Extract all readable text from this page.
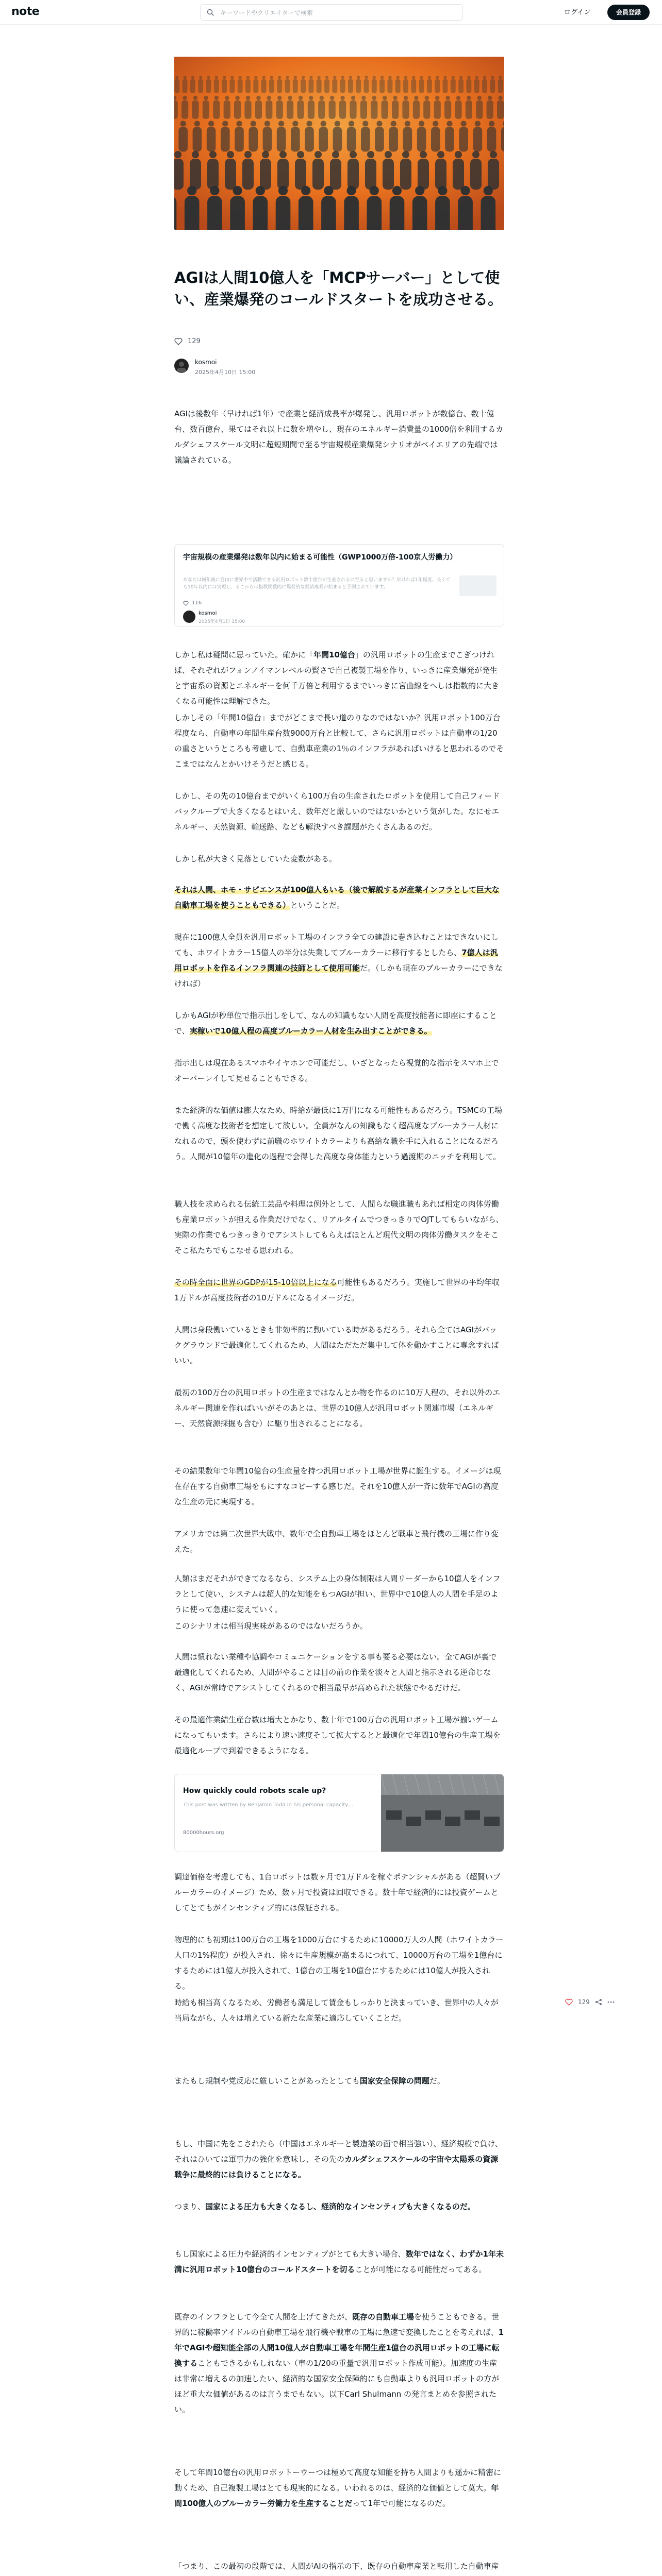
note
キーワードやクリエイターで検索	ログイン	会員登録
AGIは人間10億人を「MCPサーバー」として使い、産業爆発のコールドスタートを成功させる。
129
kosmoi
2025年4月10日 15:00

AGIは後数年（早ければ1年）で産業と経済成長率が爆発し、汎用ロボットが数億台、数十億台、数百億台、果てはそれ以上に数を増やし、現在のエネルギー消費量の1000倍を利用するカルダシェフスケール文明に超短期間で至る宇宙規模産業爆発シナリオがベイエリアの先端では議論されている。

宇宙規模の産業爆発は数年以内に始まる可能性（GWP1000万倍-100京人労働力）
あなたは何年後に自由に世界中で活動できる汎用ロボット数十億台が生産されるに至ると思いますか？早ければ1年程度、長くても10年以内には実現し、そこからは指数関数的に爆発的な経済成長が始まると予測されています。
116
kosmoi
2025年4月1日 15:00

しかし私は疑問に思っていた。確かに「年間10億台」の汎用ロボットの生産までこぎつければ、それぞれがフォンノイマンレベルの賢さで自己複製工場を作り、いっきに産業爆発が発生と宇宙系の資源とエネルギーを何千万倍と利用するまでいっきに宮曲線をへしは指数的に大きくなる可能性は理解できた。

しかしその「年間10億台」までがどこまで長い道のりなのではないか？汎用ロボット100万台程度なら、自動車の年間生産台数9000万台と比較して、さらに汎用ロボットは自動車の1/20の重さというところも考慮して、自動車産業の1％のインフラがあればいけると思われるのでそこまではなんとかいけそうだと感じる。

しかし、その先の10億台までがいくら100万台の生産されたロボットを使用して自己フィードバックループで大きくなるとはいえ、数年だと厳しいのではないかという気がした。なにせエネルギー、天然資源、輸送路、なども解決すべき課題がたくさんあるのだ。

しかし私が大きく見落としていた変数がある。

それは人間、ホモ・サピエンスが100億人もいる（後で解説するが産業インフラとして巨大な自動車工場を使うこともできる）ということだ。

現在に100億人全員を汎用ロボット工場のインフラ全ての建設に巻き込むことはできないにしても、ホワイトカラー15億人の半分は失業してブルーカラーに移行するとしたら、7億人は汎用ロボットを作るインフラ関連の技師として使用可能だ。（しかも現在のブルーカラーにできなければ）

しかもAGIが秒単位で指示出しをして、なんの知識もない人間を高度技能者に即座にすることで、実稼いで10億人程の高度ブルーカラー人材を生み出すことができる。

指示出しは現在あるスマホやイヤホンで可能だし、いざとなったら視覚的な指示をスマホ上でオーバーレイして見せることもできる。

また経済的な価値は膨大なため、時給が最低に1万円になる可能性もあるだろう。TSMCの工場で働く高度な技術者を想定して欲しい。全員がなんの知識もなく超高度なブルーカラー人材になれるので、頭を使わずに前職のホワイトカラーよりも高給な職を手に入れることになるだろう。人間が10億年の進化の過程で会得した高度な身体能力という過渡期のニッチを利用して。

職人技を求められる伝統工芸品や料理は例外として、人間らな職進職もあれば相定の肉体労働も産業ロボットが担える作業だけでなく、リアルタイムでつきっきりでOJTしてもらいながら、実際の作業でもつきっきりでアシストしてもらえばほとんど現代文明の肉体労働タスクをそこそこ私たちでもこなせる思われる。

その時全面に世界のGDPが15-10倍以上になる可能性もあるだろう。実施して世界の平均年収1万ドルが高度技術者の10万ドルになるイメージだ。

人間は身段働いているときも非効率的に動いている時があるだろう。それら全てはAGIがバックグラウンドで最適化してくれるため、人間はただただ集中して体を動かすことに専念すればいい。

最初の100万台の汎用ロボットの生産まではなんとか物を作るのに10万人程の、それ以外のエネルギー関連を作ればいいがそのあとは、世界の10億人が汎用ロボット関連市場（エネルギー、天然資源採掘も含む）に駆り出されることになる。

その結果数年で年間10億台の生産量を持つ汎用ロボット工場が世界に誕生する。イメージは現在存在する自動車工場をもにすなコピーする感じだ。それを10億人が一斉に数年でAGIの高度な生産の元に実現する。

アメリカでは第二次世界大戦中、数年で全自動車工場をほとんど戦車と飛行機の工場に作り変えた。

How quickly could robots scale up?
This post was written by Benjamin Todd in his personal capacity…
80000hours.org

人類はまだそれができてなるなら、システム上の身体制限は人間リーダーから10億人をインフラとして使い、システムは超人的な知能をもつAGIが担い、世界中で10億人の人間を手足のように使って急速に変えていく。

このシナリオは相当現実味があるのではないだろうか。

人間は慣れない業種や協調やコミュニケーションをする事も要る必要はない。全てAGIが裏で最適化してくれるため、人間がやることは目の前の作業を淡々と人間と指示される逆命じなく、AGIが常時でアシストしてくれるので相当最早が高められた状態でやるだけだ。

その最適作業結生産台数は増大とかなり、数十年で100万台の汎用ロボット工場が揃いゲームになってもいます。さらにより速い速度そして拡大するとと最適化で年間10億台の生産工場を最適化ループで到着できるようになる。

調達価格を考慮しても、1台ロボットは数ヶ月で1万ドルを稼ぐポテンシャルがある（超賢いブルーカラーのイメージ）ため、数ヶ月で投資は回収できる。数十年で経済的には投資ゲームとしてとてもがインセンティブ的には保証される。

物理的にも初期は100万台の工場を1000万台にするために10000万人の人間（ホワイトカラー人口の1%程度）が投入され、徐々に生産規模が高まるにつれて、10000万台の工場を1億台にするためには1億人が投入されて、1億台の工場を10億台にするためには10億人が投入される。

時給も相当高くなるため、労働者も満足して賃金もしっかりと決まっていき、世界中の人々が当局ながら、人々は増えている新たな産業に適応していくことだ。

またもし規制や党反応に厳しいことがあったとしても国家安全保障の問題だ。

もし、中国に先をこされたら（中国はエネルギーと製造業の面で相当強い）、経済規模で負け、それはひいては軍事力の強化を意味し、その先のカルダシェフスケールの宇宙や太陽系の資源戦争に最終的には負けることになる。

つまり、国家による圧力も大きくなるし、経済的なインセンティブも大きくなるのだ。

もし国家による圧力や経済的インセンティブがとても大きい場合、数年ではなく、わずか1年未満に汎用ロボット10億台のコールドスタートを切ることが可能になる可能性だってある。

既存のインフラとして今全て人間を上げてきたが、既存の自動車工場を使うこともできる。世界的に稼働率アイドルの自動車工場を飛行機や戦車の工場に急速で変換したことを考えれば、1年でAGIや超知能全部の人間10億人が自動車工場を年間生産1億台の汎用ロボットの工場に転換することもできるかもしれない（車の1/20の重量で汎用ロボット作成可能）。加速度の生産は非常に増えるの加速したい、経済的な国家安全保障的にも自動車よりも汎用ロボットの方がほど重大な価値があるのは言うまでもない。以下Carl Shulmann の発言まとめを参照されたい。

そして年間10億台の汎用ロボットーウーつは極めて高度な知能を持ち人間よりも遥かに精密に動くため、自己複製工場はとても現実的になる。いわれるのは、経済的な価値として莫大。年間100億人のブルーカラー労働力を生産することだって1年で可能になるのだ。

「つまり、この最初の段階では、人間がAIの指示の下、既存の自動車産業と転用した自動車産

129
